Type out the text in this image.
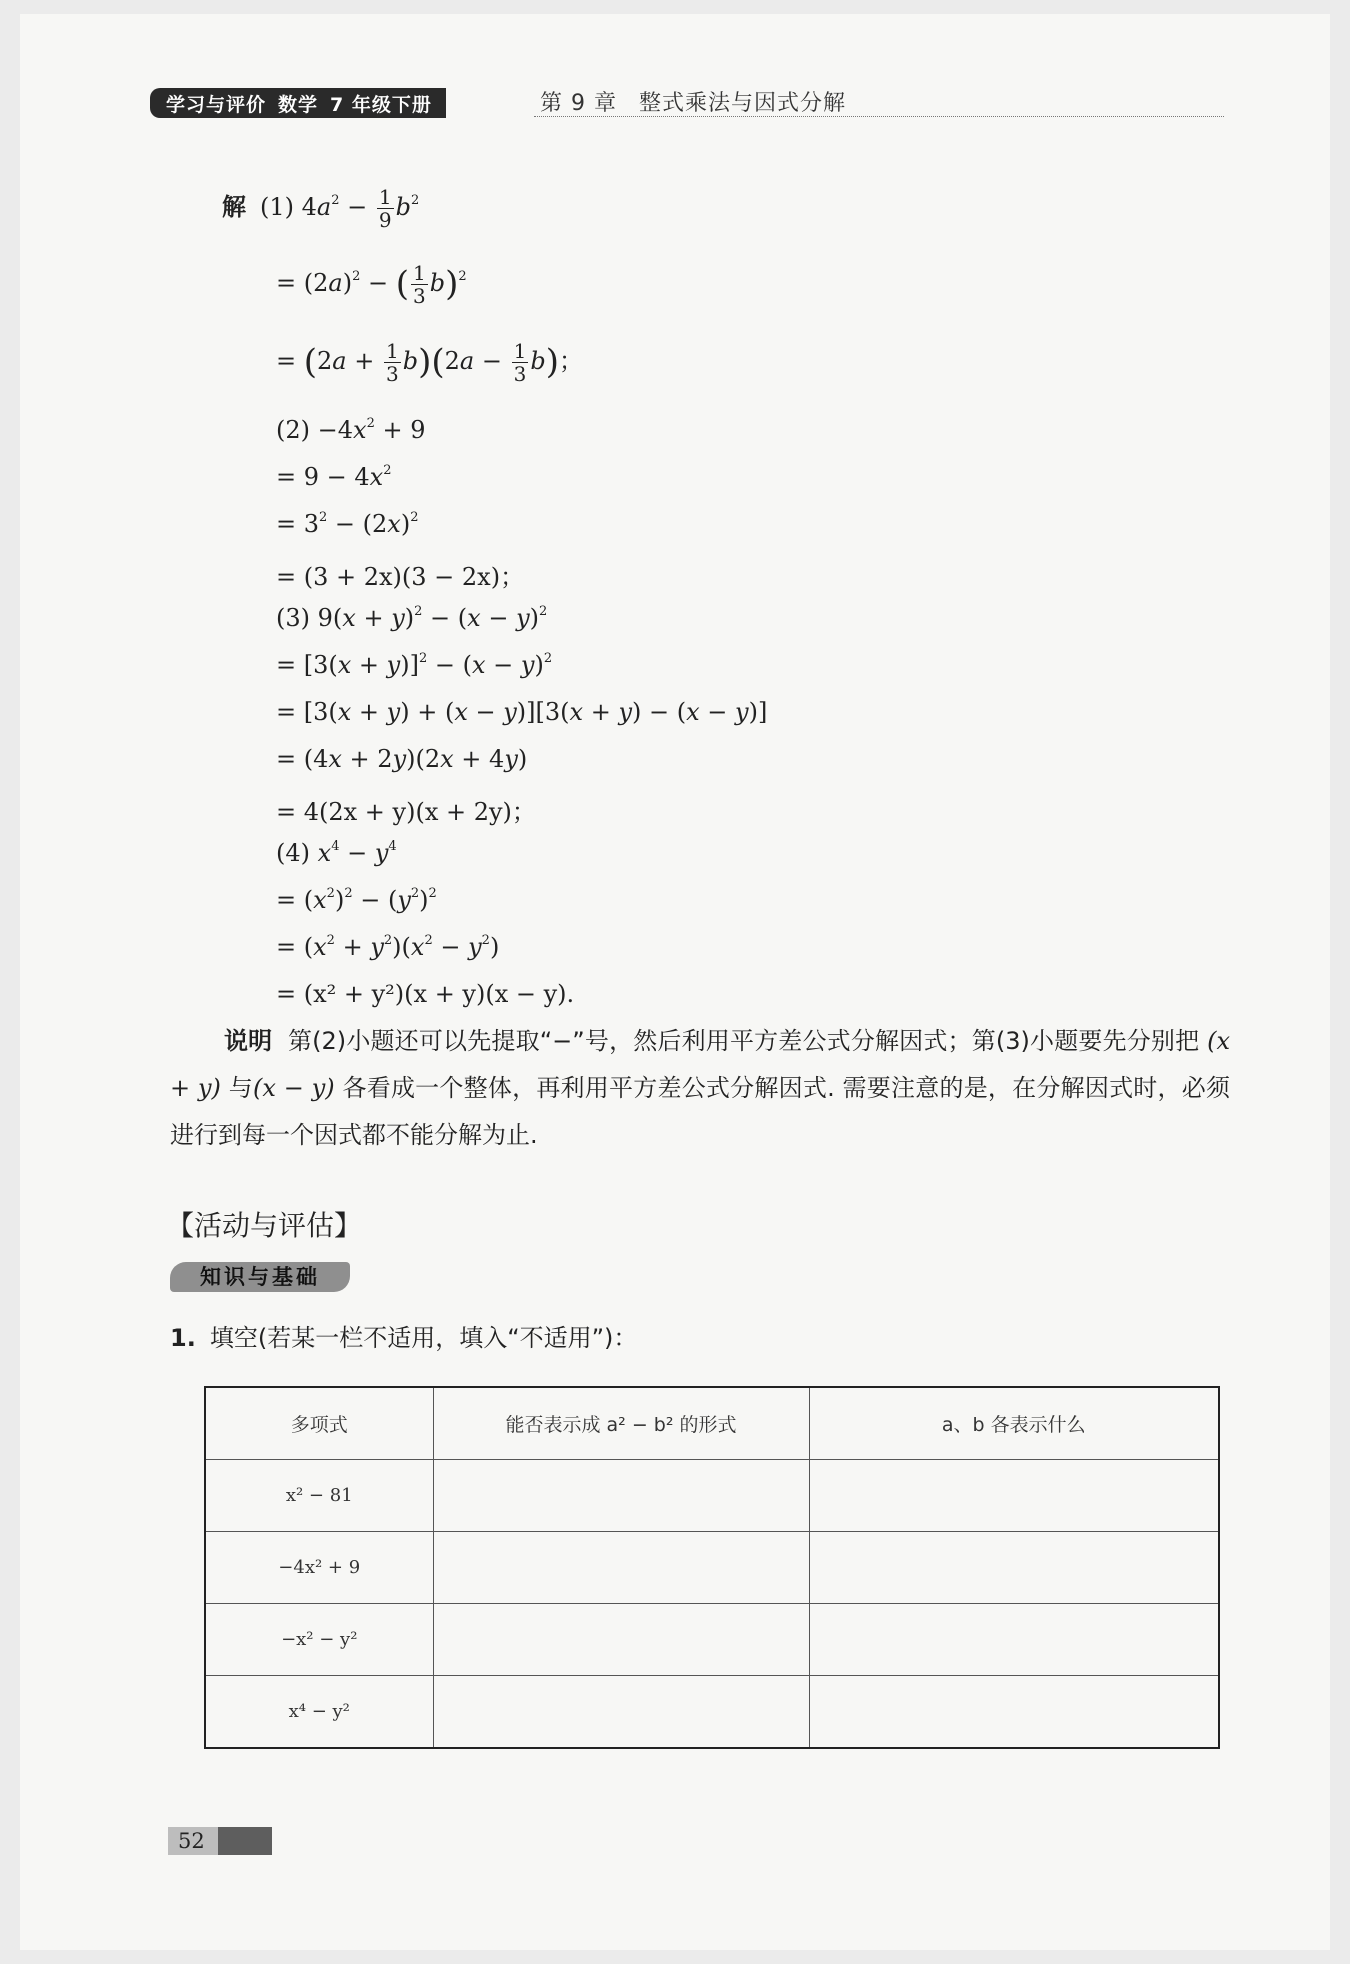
学习与评价 数学 7 年级下册	第 9 章 整式乘法与因式分解
解 (1) $4a^2 - \frac{1}{9} b^2$
= $(2a)^2$ − ( $\frac{1}{3} b)^2$
= $(2a + \frac{1}{3} b)(2a - \frac{1}{3} b)$；
$(2) -4x^2 + 9$
= $9 - 4x^2$
= $3^2 - (2x)^2$
= (3 + 2x)(3 − 2x)；
(3) $9(x + y)^2 - (x - y)^2$
= $[3(x + y)]^2 - (x - y)^2$
= [3(x + y) + (x − y)][3(x + y) − (x − y)]
= (4x + 2y)(2x + 4y)
= 4(2x + y)(x + 2y)；
(4) $x^4 - y^4$
= $(x^2)^2 - (y^2)^2$
= $(x^2 + y^2)(x^2 - y^2)$
= (x² + y²)(x + y)(x − y).
说明 第(2)小题还可以先提取“−”号，然后利用平方差公式分解因式；第(3)小题要先分别把 (x + y) 与(x − y) 各看成一个整体，再利用平方差公式分解因式. 需要注意的是，在分解因式时，必须进行到每一个因式都不能分解为止.
【活动与评估】
知识与基础
1. 填空(若某一栏不适用，填入“不适用”)：
多项式	能否表示成 a² − b² 的形式	a、b 各表示什么
x² − 81		
−4x² + 9		
−x² − y²		
x⁴ − y²		
52
